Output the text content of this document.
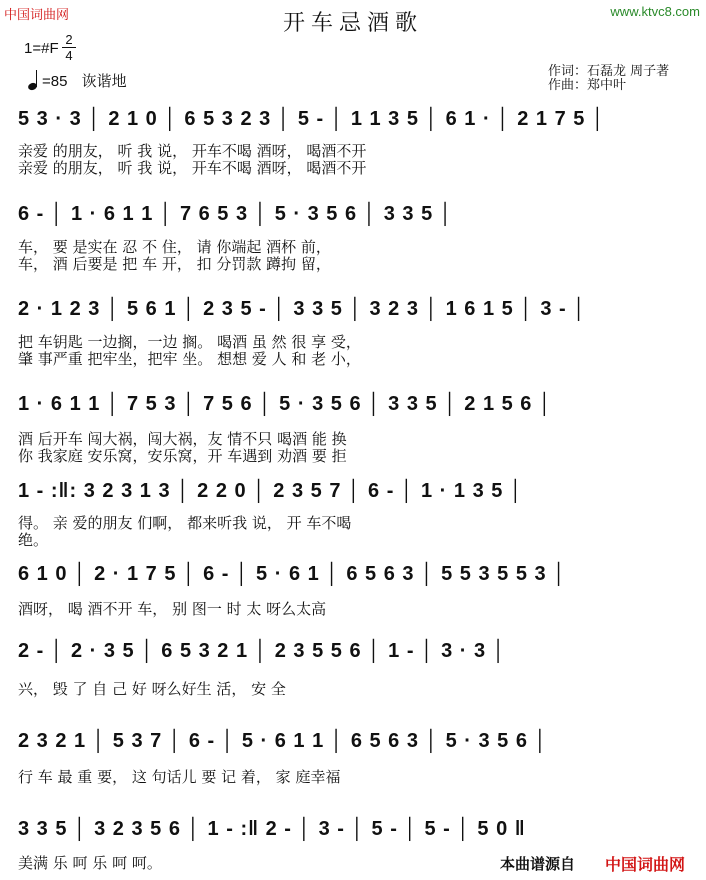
中国词曲网	www.ktvc8.com
开车忌酒歌
1=#F
2
4
=85 诙谐地
作词：石磊龙 周子著
作曲：郑中叶
5 3 · 3 │ 2 1 0 │ 6 5 3 2 3 │ 5 - │ 1 1 3 5 │ 6 1 · │ 2 1 7 5 │
亲爱 的朋友， 听 我 说， 开车不喝 酒呀， 喝酒不开
亲爱 的朋友， 听 我 说， 开车不喝 酒呀， 喝酒不开
6 - │ 1 · 6 1 1 │ 7 6 5 3 │ 5 · 3 5 6 │ 3 3 5 │
车， 要 是实在 忍 不 住， 请 你端起 酒杯 前，
车， 酒 后要是 把 车 开， 扣 分罚款 蹲拘 留，
2 · 1 2 3 │ 5 6 1 │ 2 3 5 - │ 3 3 5 │ 3 2 3 │ 1 6 1 5 │ 3 - │
把 车钥匙 一边搁，一边 搁。 喝酒 虽 然 很 享 受，
肇 事严重 把牢坐，把牢 坐。 想想 爱 人 和 老 小，
1 · 6 1 1 │ 7 5 3 │ 7 5 6 │ 5 · 3 5 6 │ 3 3 5 │ 2 1 5 6 │
酒 后开车 闯大祸，闯大祸，友 情不只 喝酒 能 换
你 我家庭 安乐窝，安乐窝，开 车遇到 劝酒 要 拒
1 - :‖: 3 2 3 1 3 │ 2 2 0 │ 2 3 5 7 │ 6 - │ 1 · 1 3 5 │
得。 亲 爱的朋友 们啊， 都来听我 说， 开 车不喝
绝。
6 1 0 │ 2 · 1 7 5 │ 6 - │ 5 · 6 1 │ 6 5 6 3 │ 5 5 3 5 5 3 │
酒呀， 喝 酒不开 车， 别 图一 时 太 呀么太高
2 - │ 2 · 3 5 │ 6 5 3 2 1 │ 2 3 5 5 6 │ 1 - │ 3 · 3 │
兴， 毁 了 自 己 好 呀么好生 活， 安 全
2 3 2 1 │ 5 3 7 │ 6 - │ 5 · 6 1 1 │ 6 5 6 3 │ 5 · 3 5 6 │
行 车 最 重 要， 这 句话儿 要 记 着， 家 庭幸福
3 3 5 │ 3 2 3 5 6 │ 1 - :‖ 2 - │ 3 - │ 5 - │ 5 - │ 5 0 ‖
美满 乐 呵 乐 呵 呵。	本曲谱源自 中国词曲网
